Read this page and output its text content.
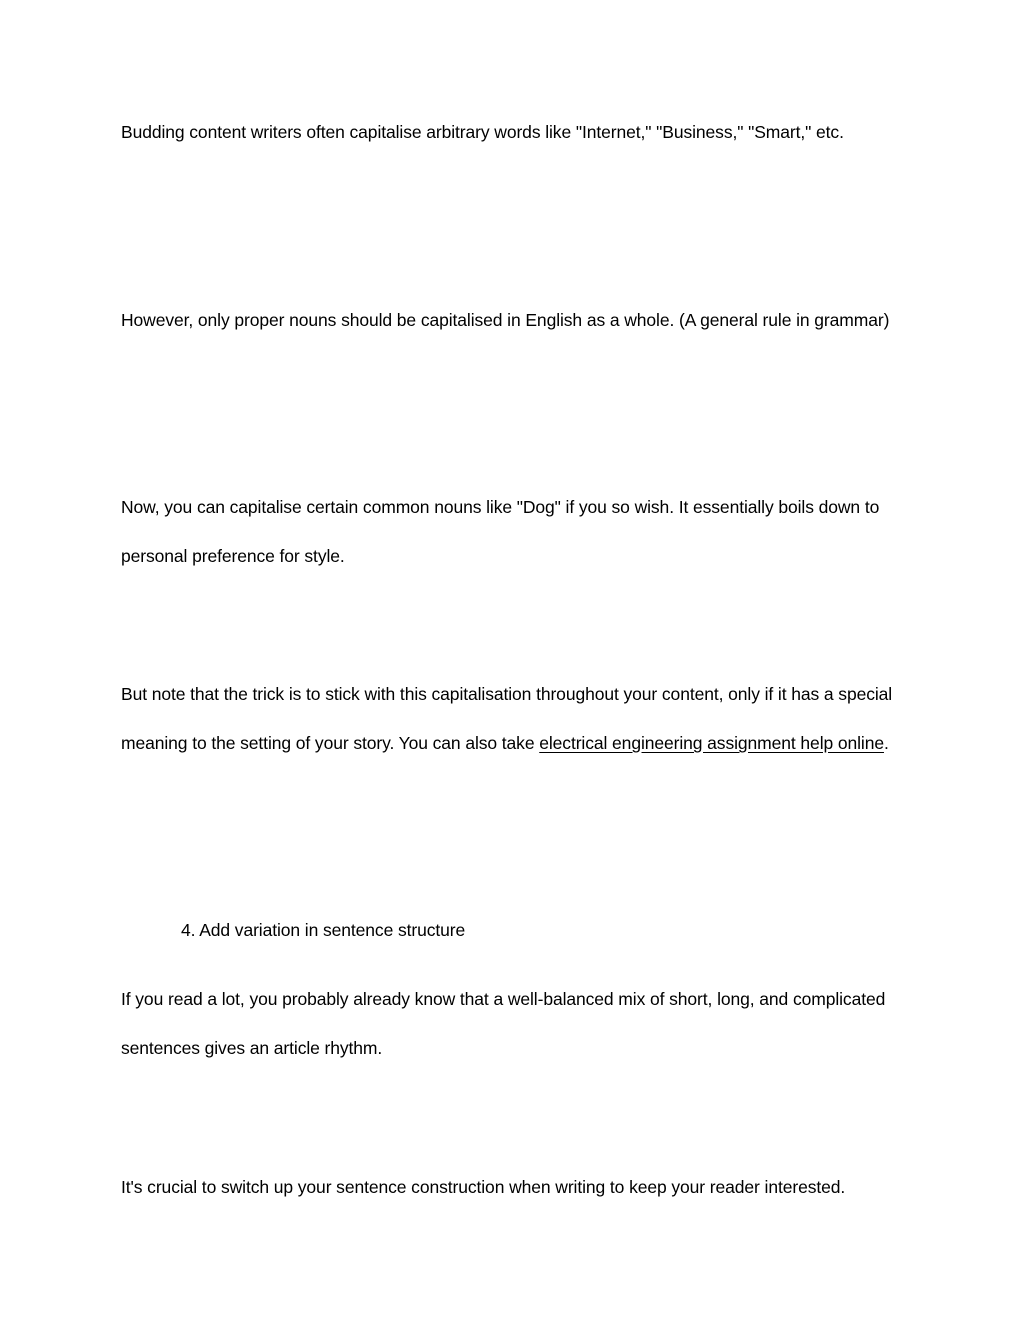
Budding content writers often capitalise arbitrary words like "Internet," "Business," "Smart," etc.

However, only proper nouns should be capitalised in English as a whole. (A general rule in grammar)

Now, you can capitalise certain common nouns like "Dog" if you so wish. It essentially boils down to personal preference for style.

But note that the trick is to stick with this capitalisation throughout your content, only if it has a special meaning to the setting of your story. You can also take electrical engineering assignment help online.

4. Add variation in sentence structure

If you read a lot, you probably already know that a well-balanced mix of short, long, and complicated sentences gives an article rhythm.

It's crucial to switch up your sentence construction when writing to keep your reader interested.
